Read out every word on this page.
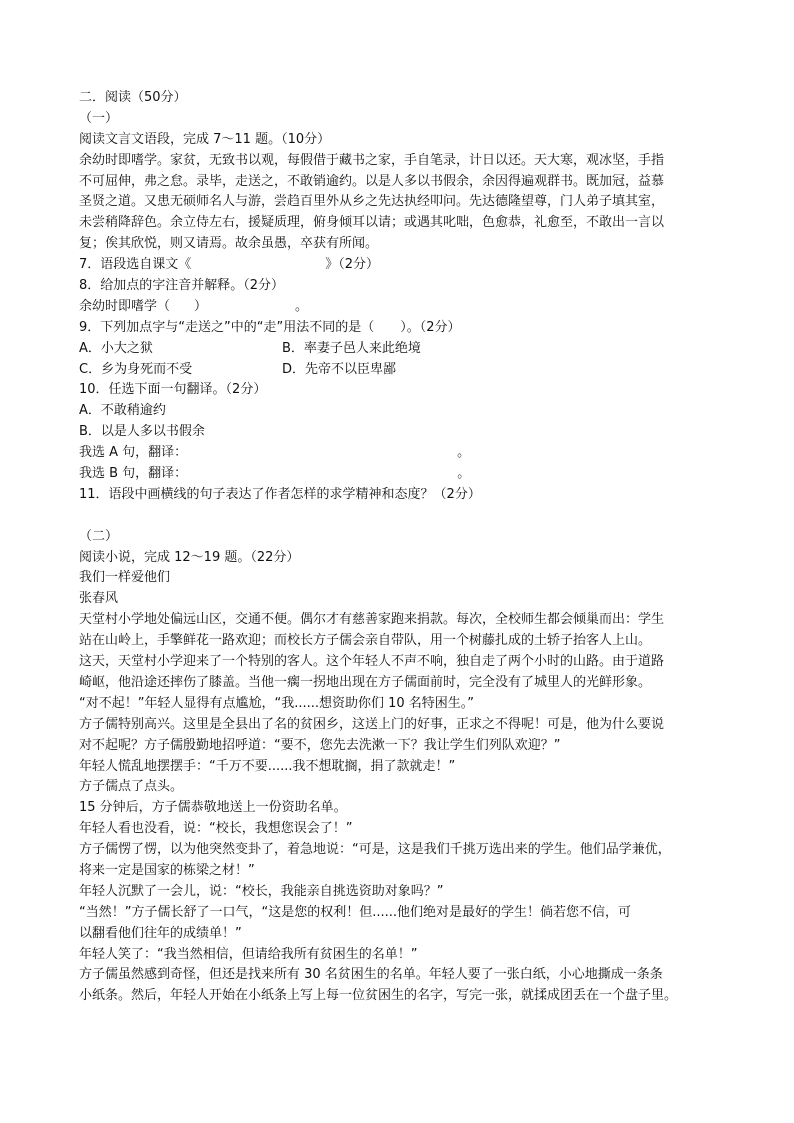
二．阅读（50分）
（一）
阅读文言文语段，完成 7～11 题。（10分）
余幼时即嗜学。家贫，无致书以观，每假借于藏书之家，手自笔录，计日以还。天大寒，观冰坚，手指
不可屈伸，弗之怠。录毕，走送之，不敢销逾约。以是人多以书假余，余因得遍观群书。既加冠，益慕
圣贤之道。又患无硕师名人与游，尝趋百里外从乡之先达执经叩问。先达德隆望尊，门人弟子填其室，
未尝稍降辞色。余立侍左右，援疑质理，俯身倾耳以请；或遇其叱咄，色愈恭，礼愈至，不敢出一言以
复；俟其欣悦，则又请焉。故余虽愚，卒获有所闻。
7．语段选自课文《	》（2分）
8．给加点的字注音并解释。（2分）
余幼时即嗜学（ ）	。
9．下列加点字与“走送之”中的“走”用法不同的是（ ）。（2分）
A．小大之狱	B．率妻子邑人来此绝境
C．乡为身死而不受	D．先帝不以臣卑鄙
10．任选下面一句翻译。（2分）
A．不敢稍逾约
B．以是人多以书假余
我选 A 句，翻译：	。
我选 B 句，翻译：	。
11．语段中画横线的句子表达了作者怎样的求学精神和态度？（2分）
（二）
阅读小说，完成 12～19 题。（22分）
我们一样爱他们
张春风
天堂村小学地处偏远山区，交通不便。偶尔才有慈善家跑来捐款。每次，全校师生都会倾巢而出：学生
站在山岭上，手擎鲜花一路欢迎；而校长方子儒会亲自带队，用一个树藤扎成的土轿子抬客人上山。
这天，天堂村小学迎来了一个特别的客人。这个年轻人不声不响，独自走了两个小时的山路。由于道路
崎岖，他沿途还摔伤了膝盖。当他一瘸一拐地出现在方子儒面前时，完全没有了城里人的光鲜形象。
“对不起！”年轻人显得有点尴尬，“我......想资助你们 10 名特困生。”
方子儒特别高兴。这里是全县出了名的贫困乡，这送上门的好事，正求之不得呢！可是，他为什么要说
对不起呢？方子儒殷勤地招呼道：“要不，您先去洗漱一下？我让学生们列队欢迎？”
年轻人慌乱地摆摆手：“千万不要......我不想耽搁，捐了款就走！”
方子儒点了点头。
15 分钟后，方子儒恭敬地送上一份资助名单。
年轻人看也没看，说：“校长，我想您误会了！”
方子儒愣了愣，以为他突然变卦了，着急地说：“可是，这是我们千挑万选出来的学生。他们品学兼优，
将来一定是国家的栋梁之材！”
年轻人沉默了一会儿，说：“校长，我能亲自挑选资助对象吗？”
“当然！”方子儒长舒了一口气，“这是您的权利！但......他们绝对是最好的学生！倘若您不信，可
以翻看他们往年的成绩单！”
年轻人笑了：“我当然相信，但请给我所有贫困生的名单！”
方子儒虽然感到奇怪，但还是找来所有 30 名贫困生的名单。年轻人要了一张白纸，小心地撕成一条条
小纸条。然后，年轻人开始在小纸条上写上每一位贫困生的名字，写完一张，就揉成团丢在一个盘子里。
